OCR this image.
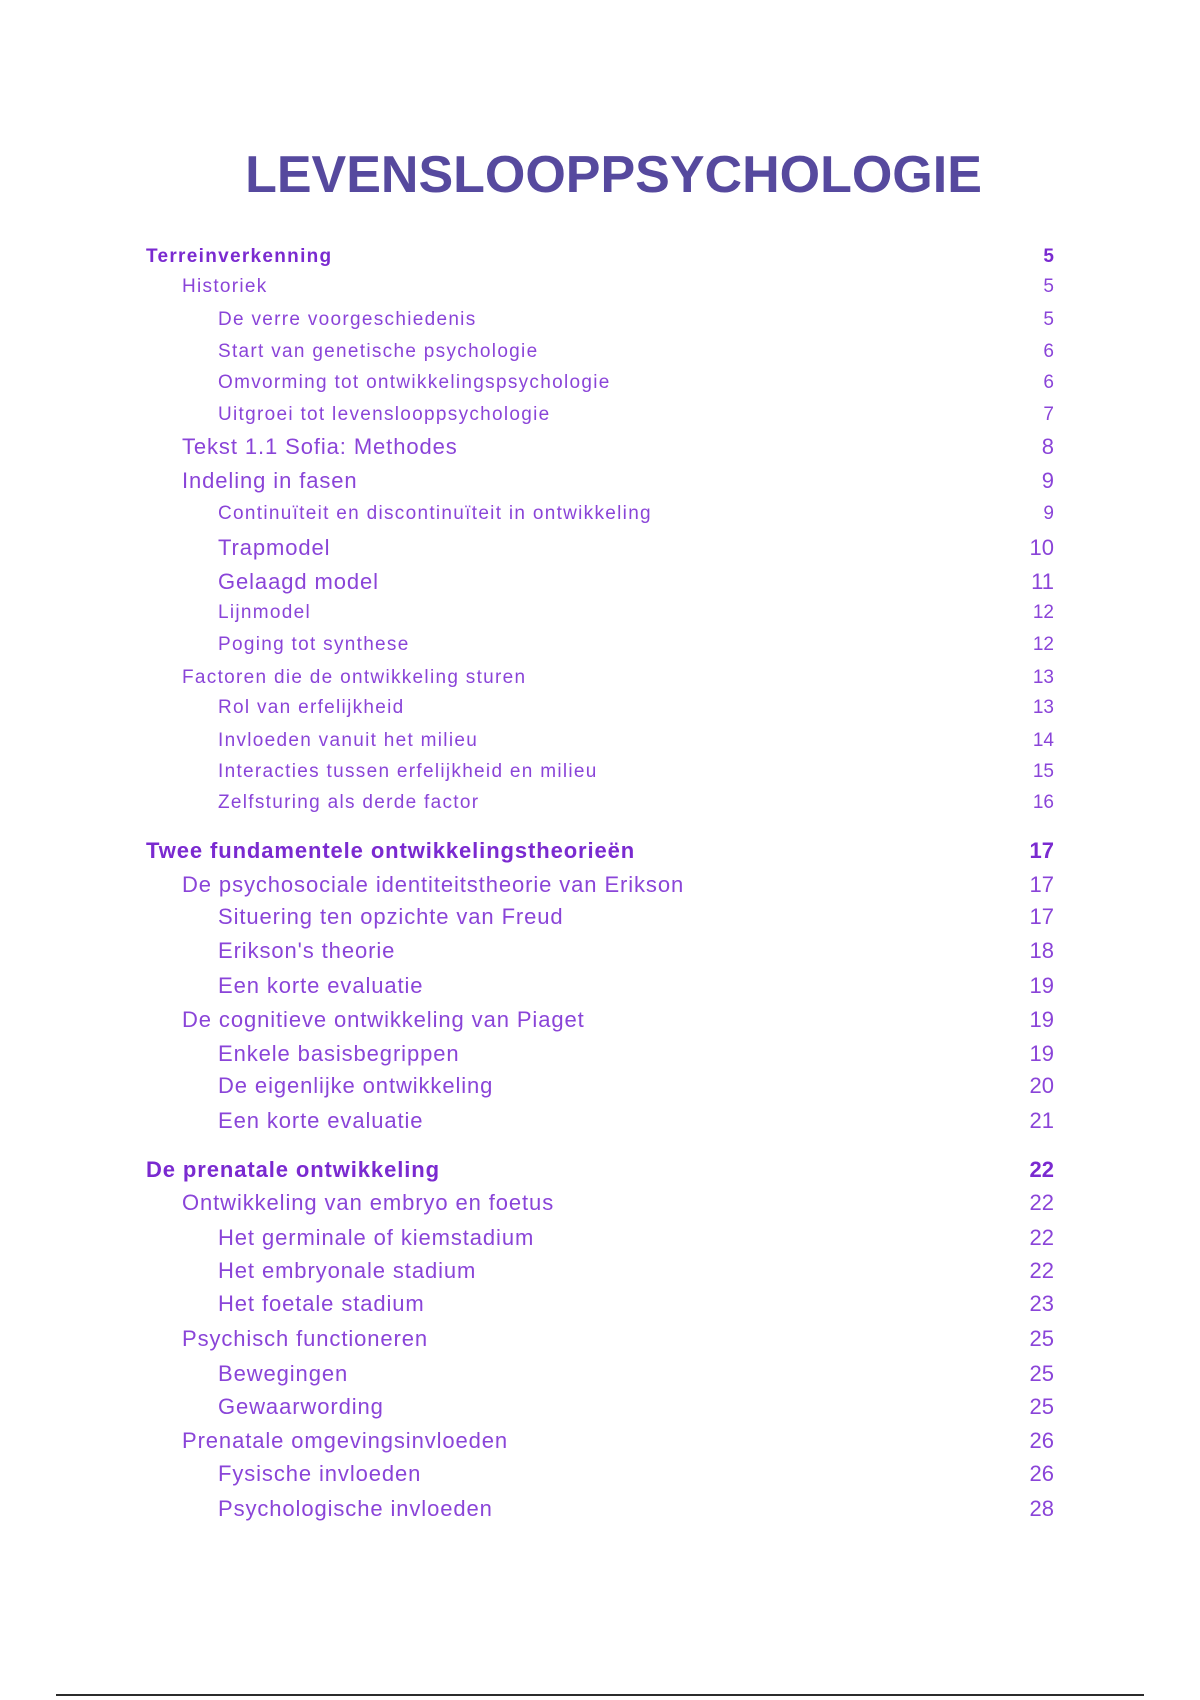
LEVENSLOOPPSYCHOLOGIE
Terreinverkenning	5
Historiek	5
De verre voorgeschiedenis	5
Start van genetische psychologie	6
Omvorming tot ontwikkelingspsychologie	6
Uitgroei tot levenslooppsychologie	7
Tekst 1.1 Sofia: Methodes	8
Indeling in fasen	9
Continuïteit en discontinuïteit in ontwikkeling	9
Trapmodel	10
Gelaagd model	11
Lijnmodel	12
Poging tot synthese	12
Factoren die de ontwikkeling sturen	13
Rol van erfelijkheid	13
Invloeden vanuit het milieu	14
Interacties tussen erfelijkheid en milieu	15
Zelfsturing als derde factor	16
Twee fundamentele ontwikkelingstheorieën	17
De psychosociale identiteitstheorie van Erikson	17
Situering ten opzichte van Freud	17
Erikson's theorie	18
Een korte evaluatie	19
De cognitieve ontwikkeling van Piaget	19
Enkele basisbegrippen	19
De eigenlijke ontwikkeling	20
Een korte evaluatie	21
De prenatale ontwikkeling	22
Ontwikkeling van embryo en foetus	22
Het germinale of kiemstadium	22
Het embryonale stadium	22
Het foetale stadium	23
Psychisch functioneren	25
Bewegingen	25
Gewaarwording	25
Prenatale omgevingsinvloeden	26
Fysische invloeden	26
Psychologische invloeden	28
